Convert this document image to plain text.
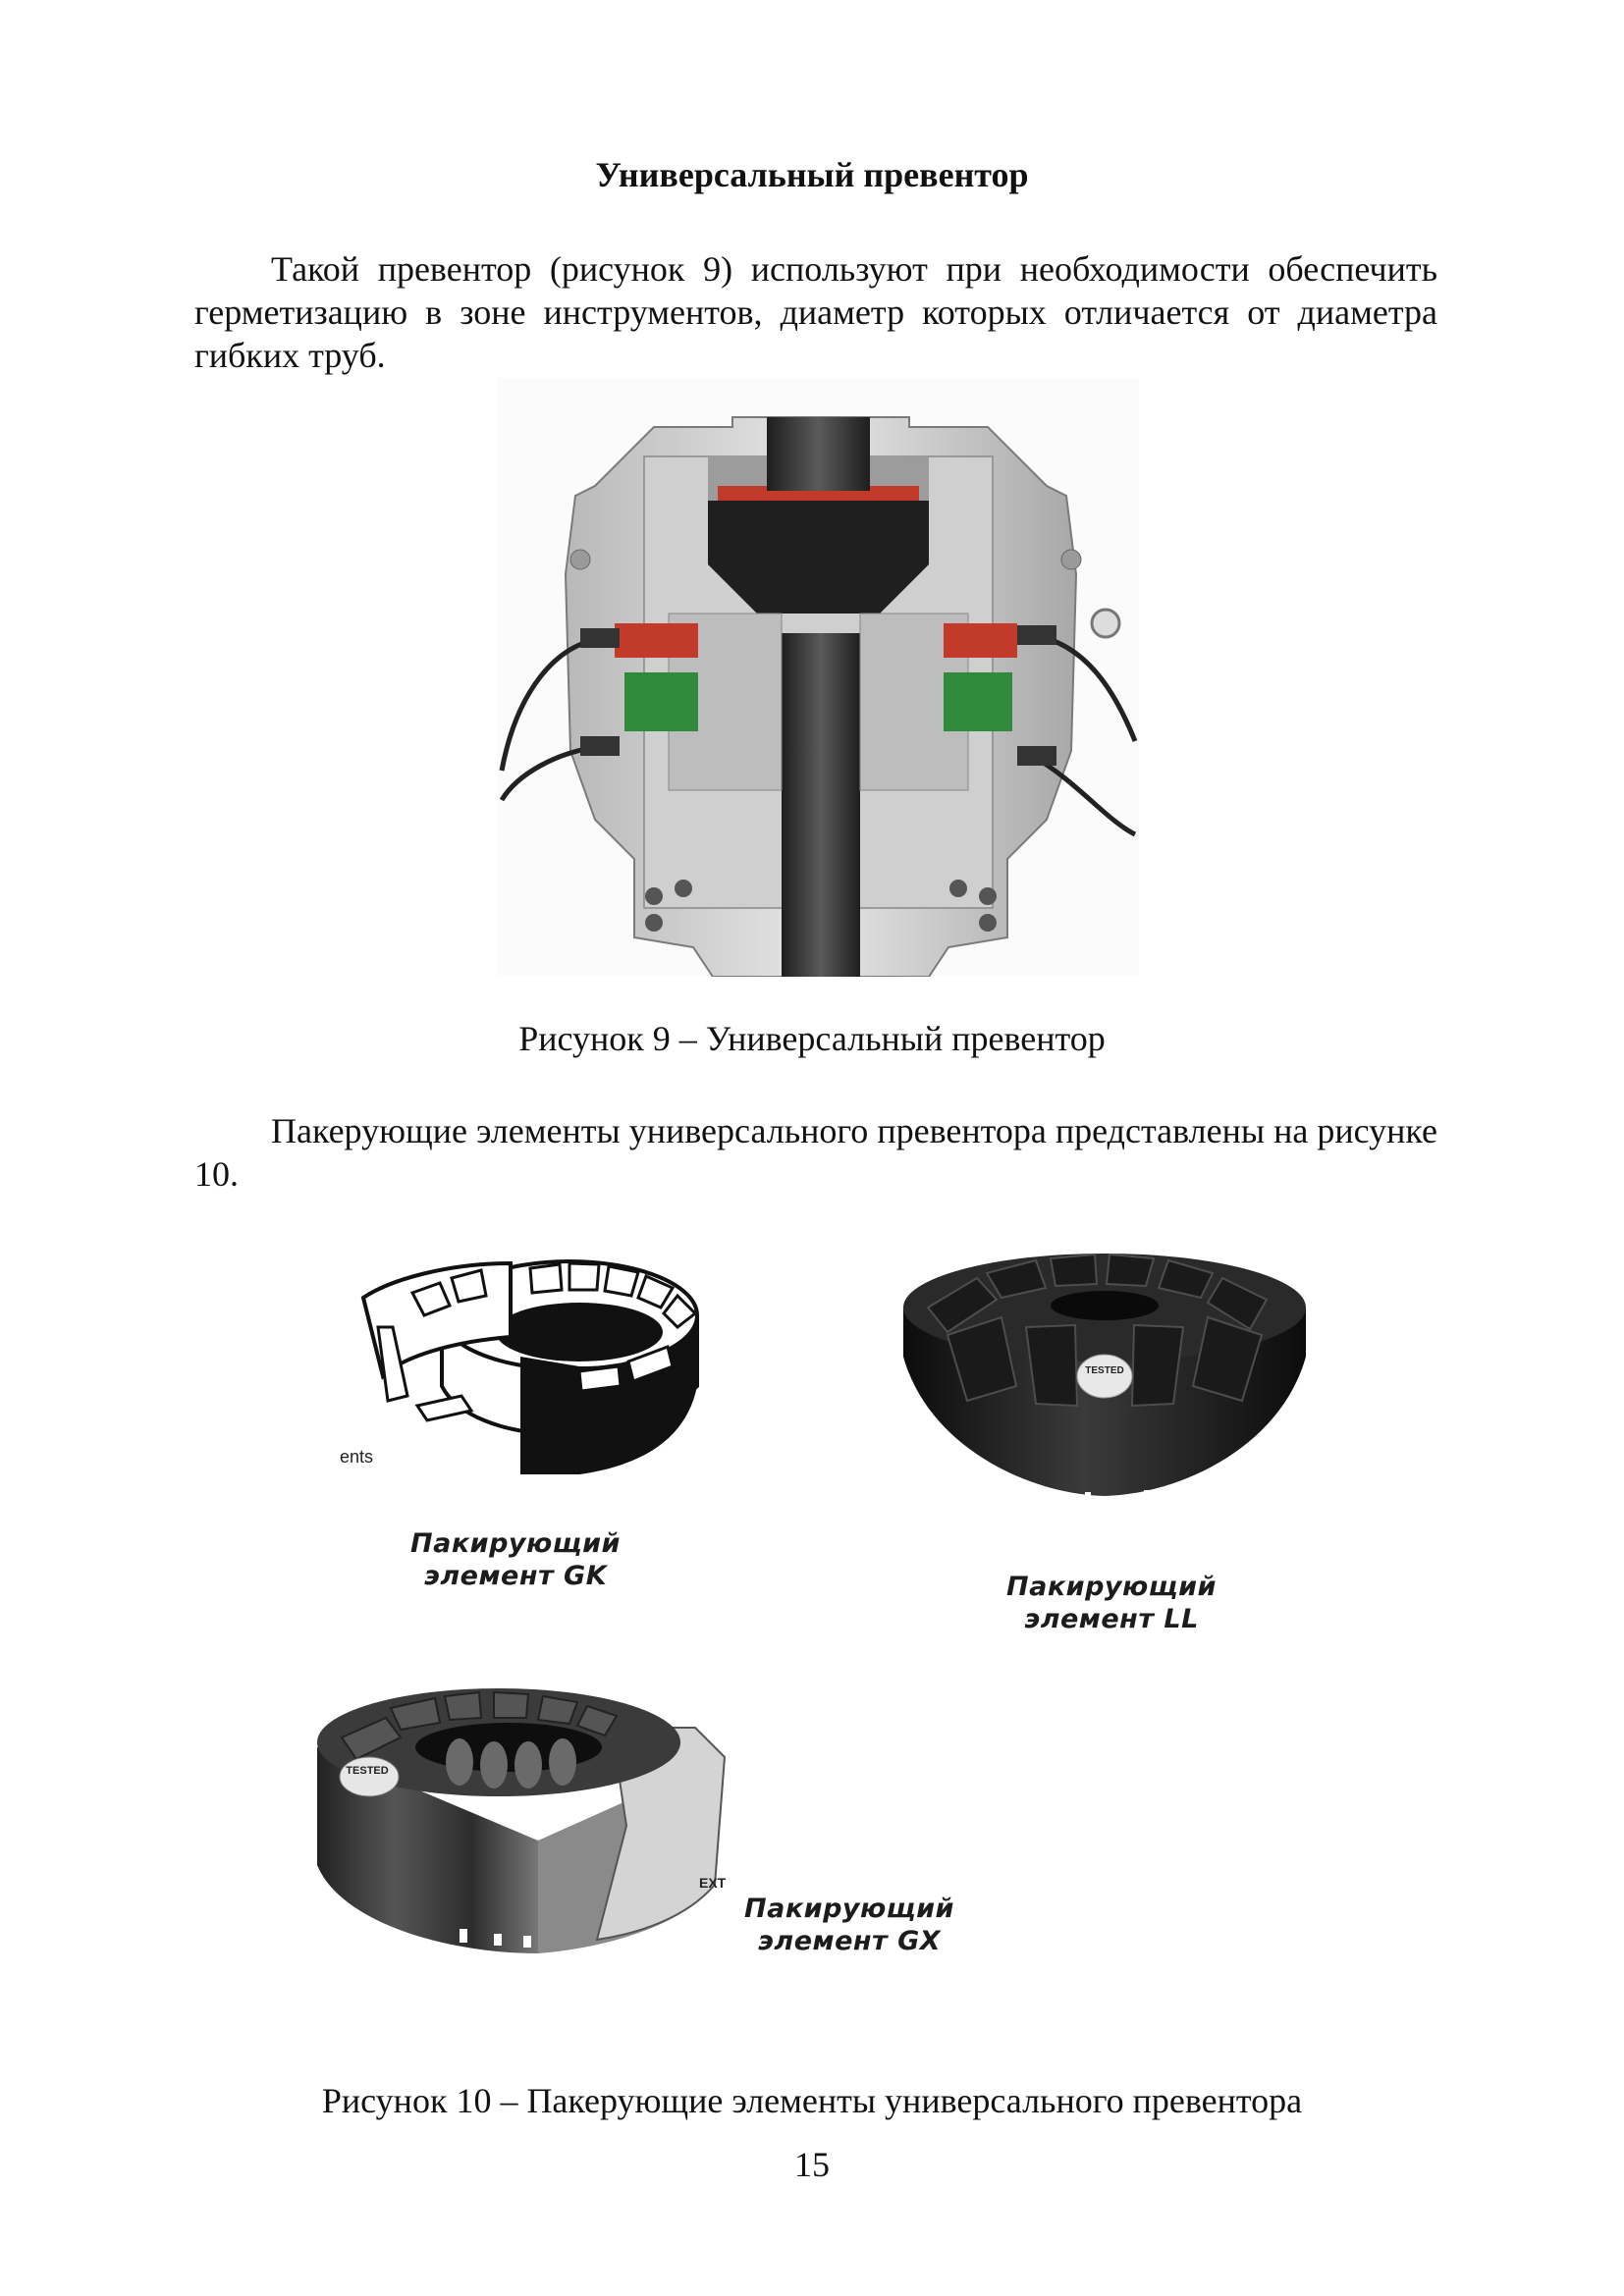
Универсальный превентор

Такой превентор (рисунок 9) используют при необходимости обеспечить герметизацию в зоне инструментов, диаметр которых отличается от диаметра гибких труб.

Рисунок 9 – Универсальный превентор

Пакерующие элементы универсального превентора представлены на рисунке 10.

ents
Пакирующий
элемент GK
TESTED
Пакирующий
элемент LL
TESTED
EXT
Пакирующий
элемент GX

Рисунок 10 – Пакерующие элементы универсального превентора

15
